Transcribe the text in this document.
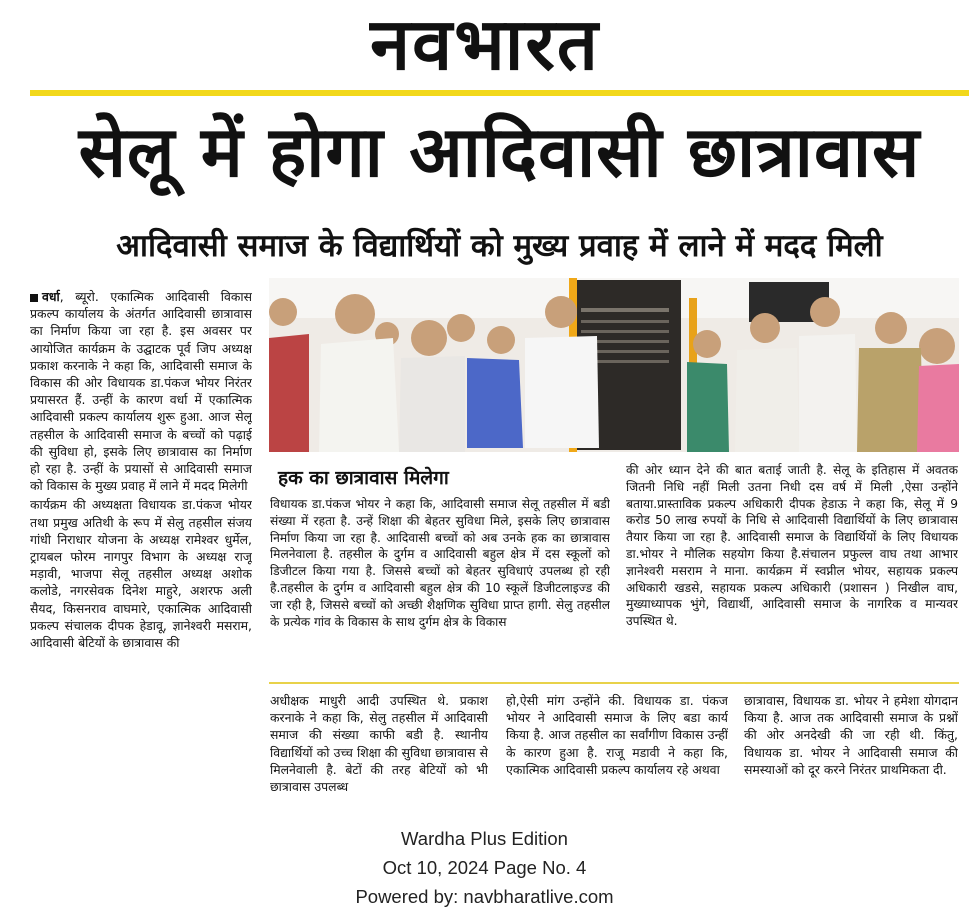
नवभारत
सेलू में होगा आदिवासी छात्रावास
आदिवासी समाज के विद्यार्थियों को मुख्य प्रवाह में लाने में मदद मिली

वर्धा, ब्यूरो. एकात्मिक आदिवासी विकास प्रकल्प कार्यालय के अंतर्गत आदिवासी छात्रावास का निर्माण किया जा रहा है. इस अवसर पर आयोजित कार्यक्रम के उद्घाटक पूर्व जिप अध्यक्ष प्रकाश करनाके ने कहा कि, आदिवासी समाज के विकास की ओर विधायक डा.पंकज भोयर निरंतर प्रयासरत हैं. उन्हीं के कारण वर्धा में एकात्मिक आदिवासी प्रकल्प कार्यालय शुरू हुआ. आज सेलू तहसील के आदिवासी समाज के बच्चों को पढ़ाई की सुविधा हो, इसके लिए छात्रावास का निर्माण हो रहा है. उन्हीं के प्रयासों से आदिवासी समाज को विकास के मुख्य प्रवाह में लाने में मदद मिलेगी

कार्यक्रम की अध्यक्षता विधायक डा.पंकज भोयर तथा प्रमुख अतिथी के रूप में सेलु तहसील संजय गांधी निराधार योजना के अध्यक्ष रामेश्वर धुर्मेल, ट्रायबल फोरम नागपुर विभाग के अध्यक्ष राजू मड़ावी, भाजपा सेलू तहसील अध्यक्ष अशोक कलोडे, नगरसेवक दिनेश माहुरे, अशरफ अली सैयद, किसनराव वाघमारे, एकात्मिक आदिवासी प्रकल्प संचालक दीपक हेडावू, ज्ञानेश्वरी मसराम, आदिवासी बेटियों के छात्रावास की

हक का छात्रावास मिलेगा
विधायक डा.पंकज भोयर ने कहा कि, आदिवासी समाज सेलू तहसील में बडी संख्या में रहता है. उन्हें शिक्षा की बेहतर सुविधा मिले, इसके लिए छात्रावास निर्माण किया जा रहा है. आदिवासी बच्चों को अब उनके हक का छात्रावास मिलनेवाला है. तहसील के दुर्गम व आदिवासी बहुल क्षेत्र में दस स्कूलों को डिजीटल किया गया है. जिससे बच्चों को बेहतर सुविधाएं उपलब्ध हो रही है.तहसील के दुर्गम व आदिवासी बहुल क्षेत्र की 10 स्कूलें डिजीटलाइज्ड की जा रही है, जिससे बच्चों को अच्छी शैक्षणिक सुविधा प्राप्त हागी. सेलु तहसील के प्रत्येक गांव के विकास के साथ दुर्गम क्षेत्र के विकास
की ओर ध्यान देने की बात बताई जाती है. सेलू के इतिहास में अवतक जितनी निधि नहीं मिली उतना निधी दस वर्ष में मिली ,ऐसा उन्होंने बताया.प्रास्ताविक प्रकल्प अधिकारी दीपक हेडाऊ ने कहा कि, सेलू में 9 करोड 50 लाख रुपयों के निधि से आदिवासी विद्यार्थियों के लिए छात्रावास तैयार किया जा रहा है. आदिवासी समाज के विद्यार्थियों के लिए विधायक डा.भोयर ने मौलिक सहयोग किया है.संचालन प्रफुल्ल वाघ तथा आभार ज्ञानेश्वरी मसराम ने माना. कार्यक्रम में स्वप्नील भोयर, सहायक प्रकल्प अधिकारी खडसे, सहायक प्रकल्प अधिकारी (प्रशासन ) निखील वाघ, मुख्याध्यापक भुंगे, विद्यार्थी, आदिवासी समाज के नागरिक व मान्यवर उपस्थित थे.
अधीक्षक माधुरी आदी उपस्थित थे. प्रकाश करनाके ने कहा कि, सेलु तहसील में आदिवासी समाज की संख्या काफी बडी है. स्थानीय विद्यार्थियों को उच्च शिक्षा की सुविधा छात्रावास से मिलनेवाली है. बेटों की तरह बेटियों को भी छात्रावास उपलब्ध
हो,ऐसी मांग उन्होंने की. विधायक डा. पंकज भोयर ने आदिवासी समाज के लिए बडा कार्य किया है. आज तहसील का सर्वांगीण विकास उन्हीं के कारण हुआ है. राजू मडावी ने कहा कि, एकात्मिक आदिवासी प्रकल्प कार्यालय रहे अथवा
छात्रावास, विधायक डा. भोयर ने हमेशा योगदान किया है. आज तक आदिवासी समाज के प्रश्नों की ओर अनदेखी की जा रही थी. किंतु, विधायक डा. भोयर ने आदिवासी समाज की समस्याओं को दूर करने निरंतर प्राथमिकता दी.
Wardha Plus Edition
Oct 10, 2024 Page No. 4
Powered by: navbharatlive.com
